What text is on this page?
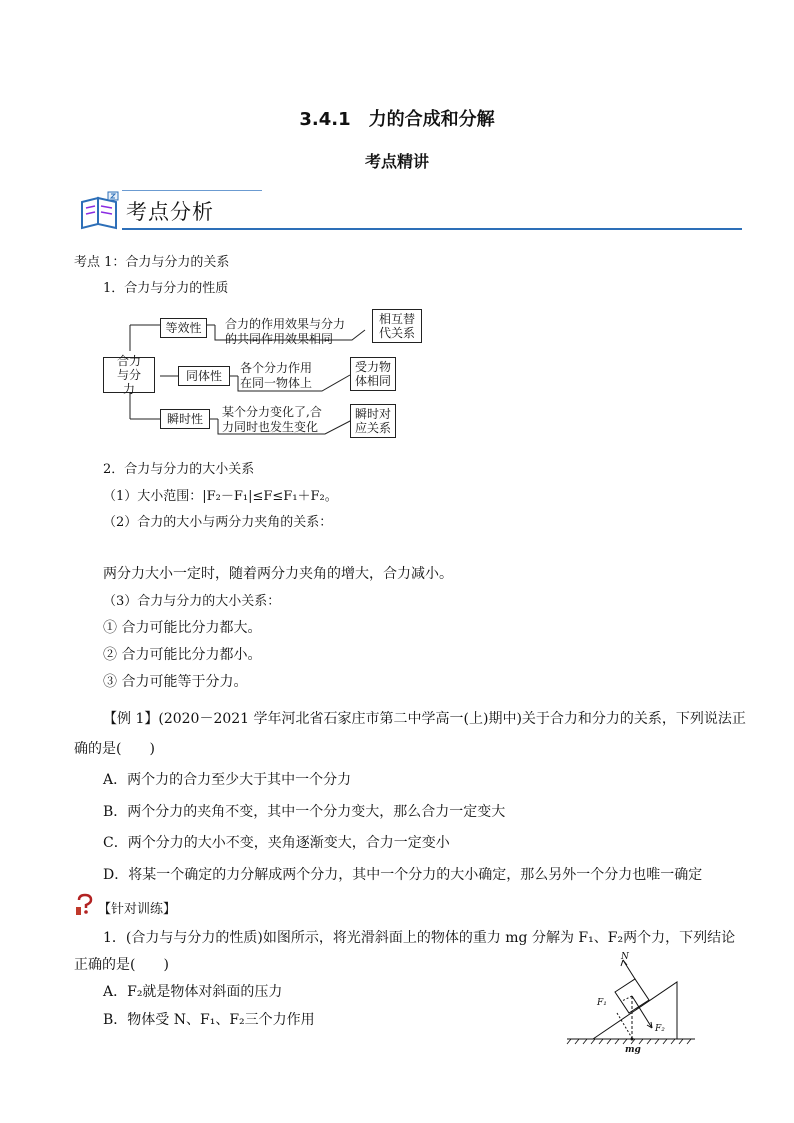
3.4.1　力的合成和分解
考点精讲
考点分析
考点 1：合力与分力的关系
1．合力与分力的性质
合力与分力
等效性 合力的作用效果与分力
的共同作用效果相同
相互替代关系
同体性
各个分力作用
在同一物体上
受力物体相同
瞬时性 某个分力变化了,合
力同时也发生变化
瞬时对应关系
2．合力与分力的大小关系
（1）大小范围：|F₂－F₁|≤F≤F₁＋F₂。
（2）合力的大小与两分力夹角的关系：
两分力大小一定时，随着两分力夹角的增大，合力减小。
（3）合力与分力的大小关系：
① 合力可能比分力都大。
② 合力可能比分力都小。
③ 合力可能等于分力。
【例 1】(2020－2021 学年河北省石家庄市第二中学高一(上)期中)关于合力和分力的关系，下列说法正
确的是(　　)
A．两个力的合力至少大于其中一个分力
B．两个分力的夹角不变，其中一个分力变大，那么合力一定变大
C．两个分力的大小不变，夹角逐渐变大，合力一定变小
D．将某一个确定的力分解成两个分力，其中一个分力的大小确定，那么另外一个分力也唯一确定
【针对训练】
1．(合力与与分力的性质)如图所示，将光滑斜面上的物体的重力 mg 分解为 F₁、F₂两个力，下列结论
正确的是(　　)
A．F₂就是物体对斜面的压力
B．物体受 N、F₁、F₂三个力作用
N
F₁
F₂
mg
